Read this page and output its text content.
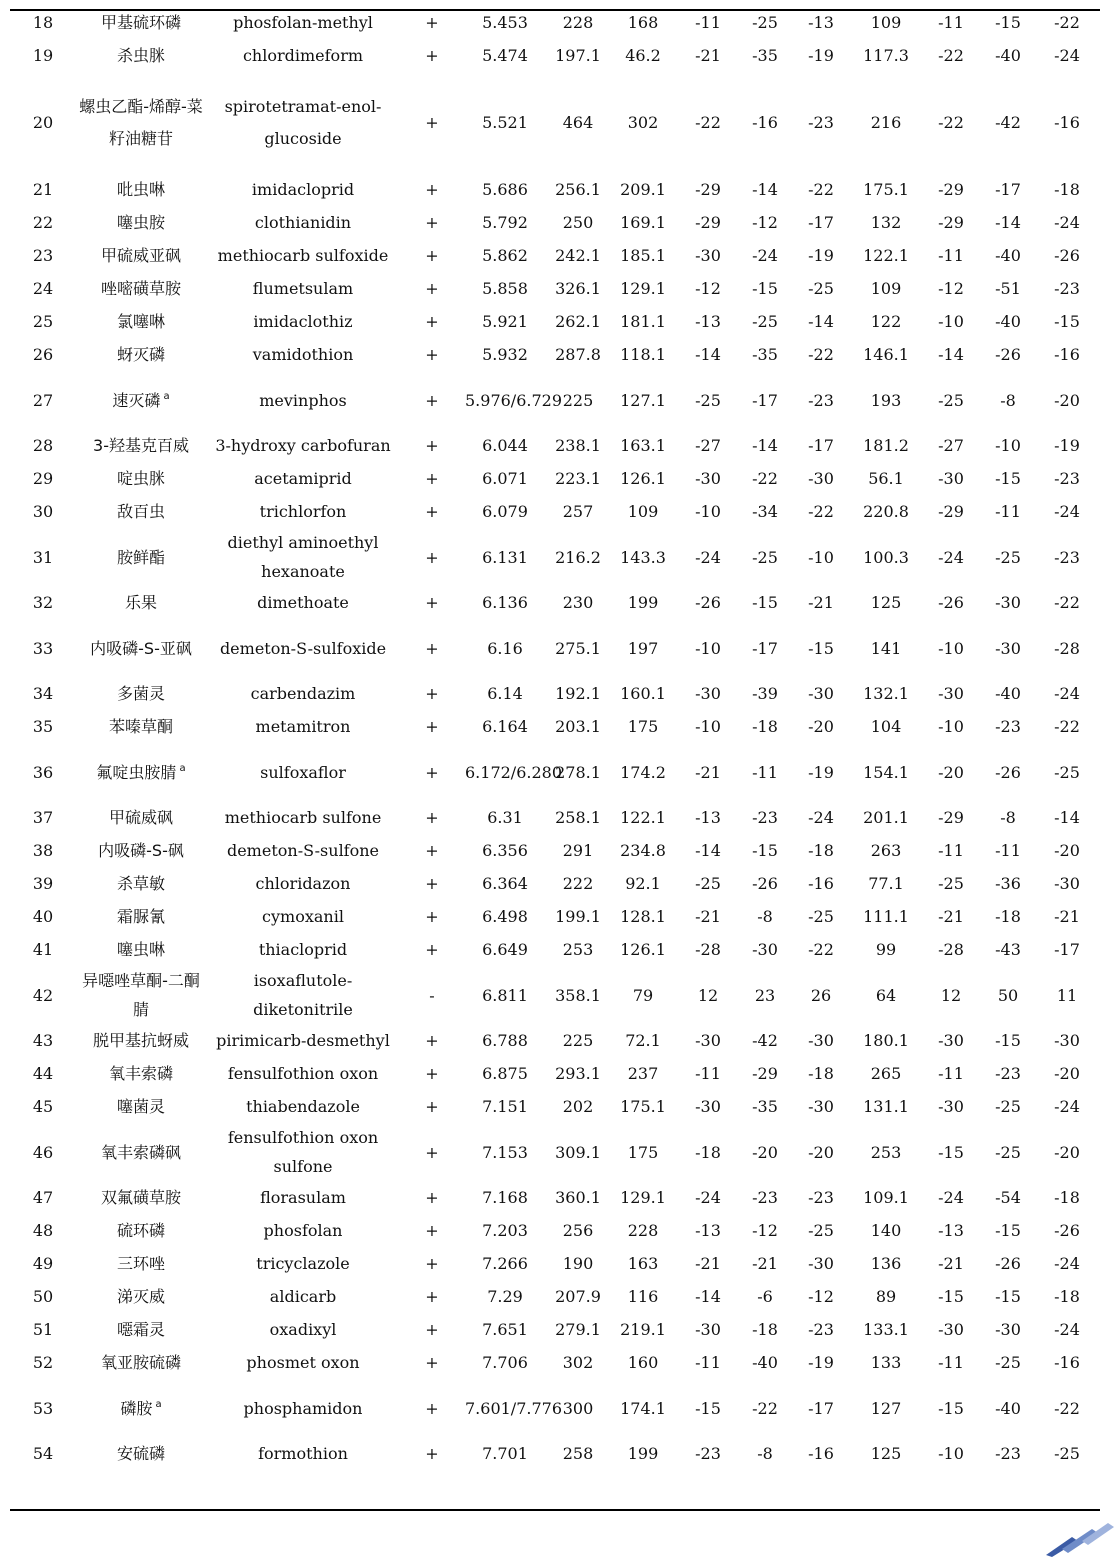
18	甲基硫环磷	phosfolan-methyl	+	5.453	228	168	-11	-25	-13	109	-11	-15	-22
19	杀虫脒	chlordimeform	+	5.474	197.1	46.2	-21	-35	-19	117.3	-22	-40	-24
20	螺虫乙酯-烯醇-菜籽油糖苷	spirotetramat-enol-glucoside	+	5.521	464	302	-22	-16	-23	216	-22	-42	-16
21	吡虫啉	imidacloprid	+	5.686	256.1	209.1	-29	-14	-22	175.1	-29	-17	-18
22	噻虫胺	clothianidin	+	5.792	250	169.1	-29	-12	-17	132	-29	-14	-24
23	甲硫威亚砜	methiocarb sulfoxide	+	5.862	242.1	185.1	-30	-24	-19	122.1	-11	-40	-26
24	唑嘧磺草胺	flumetsulam	+	5.858	326.1	129.1	-12	-15	-25	109	-12	-51	-23
25	氯噻啉	imidaclothiz	+	5.921	262.1	181.1	-13	-25	-14	122	-10	-40	-15
26	蚜灭磷	vamidothion	+	5.932	287.8	118.1	-14	-35	-22	146.1	-14	-26	-16
27	速灭磷 $^a$	mevinphos	+	5.976/6.729	225	127.1	-25	-17	-23	193	-25	-8	-20
28	3-羟基克百威	3-hydroxy carbofuran	+	6.044	238.1	163.1	-27	-14	-17	181.2	-27	-10	-19
29	啶虫脒	acetamiprid	+	6.071	223.1	126.1	-30	-22	-30	56.1	-30	-15	-23
30	敌百虫	trichlorfon	+	6.079	257	109	-10	-34	-22	220.8	-29	-11	-24
31	胺鲜酯	diethyl aminoethyl hexanoate	+	6.131	216.2	143.3	-24	-25	-10	100.3	-24	-25	-23
32	乐果	dimethoate	+	6.136	230	199	-26	-15	-21	125	-26	-30	-22
33	内吸磷-S-亚砜	demeton-S-sulfoxide	+	6.16	275.1	197	-10	-17	-15	141	-10	-30	-28
34	多菌灵	carbendazim	+	6.14	192.1	160.1	-30	-39	-30	132.1	-30	-40	-24
35	苯嗪草酮	metamitron	+	6.164	203.1	175	-10	-18	-20	104	-10	-23	-22
36	氟啶虫胺腈 $^a$	sulfoxaflor	+	6.172/6.280	278.1	174.2	-21	-11	-19	154.1	-20	-26	-25
37	甲硫威砜	methiocarb sulfone	+	6.31	258.1	122.1	-13	-23	-24	201.1	-29	-8	-14
38	内吸磷-S-砜	demeton-S-sulfone	+	6.356	291	234.8	-14	-15	-18	263	-11	-11	-20
39	杀草敏	chloridazon	+	6.364	222	92.1	-25	-26	-16	77.1	-25	-36	-30
40	霜脲氰	cymoxanil	+	6.498	199.1	128.1	-21	-8	-25	111.1	-21	-18	-21
41	噻虫啉	thiacloprid	+	6.649	253	126.1	-28	-30	-22	99	-28	-43	-17
42	异噁唑草酮-二酮腈	isoxaflutole-diketonitrile	-	6.811	358.1	79	12	23	26	64	12	50	11
43	脱甲基抗蚜威	pirimicarb-desmethyl	+	6.788	225	72.1	-30	-42	-30	180.1	-30	-15	-30
44	氧丰索磷	fensulfothion oxon	+	6.875	293.1	237	-11	-29	-18	265	-11	-23	-20
45	噻菌灵	thiabendazole	+	7.151	202	175.1	-30	-35	-30	131.1	-30	-25	-24
46	氧丰索磷砜	fensulfothion oxon sulfone	+	7.153	309.1	175	-18	-20	-20	253	-15	-25	-20
47	双氟磺草胺	florasulam	+	7.168	360.1	129.1	-24	-23	-23	109.1	-24	-54	-18
48	硫环磷	phosfolan	+	7.203	256	228	-13	-12	-25	140	-13	-15	-26
49	三环唑	tricyclazole	+	7.266	190	163	-21	-21	-30	136	-21	-26	-24
50	涕灭威	aldicarb	+	7.29	207.9	116	-14	-6	-12	89	-15	-15	-18
51	噁霜灵	oxadixyl	+	7.651	279.1	219.1	-30	-18	-23	133.1	-30	-30	-24
52	氧亚胺硫磷	phosmet oxon	+	7.706	302	160	-11	-40	-19	133	-11	-25	-16
53	磷胺 $^a$	phosphamidon	+	7.601/7.776	300	174.1	-15	-22	-17	127	-15	-40	-22
54	安硫磷	formothion	+	7.701	258	199	-23	-8	-16	125	-10	-23	-25
